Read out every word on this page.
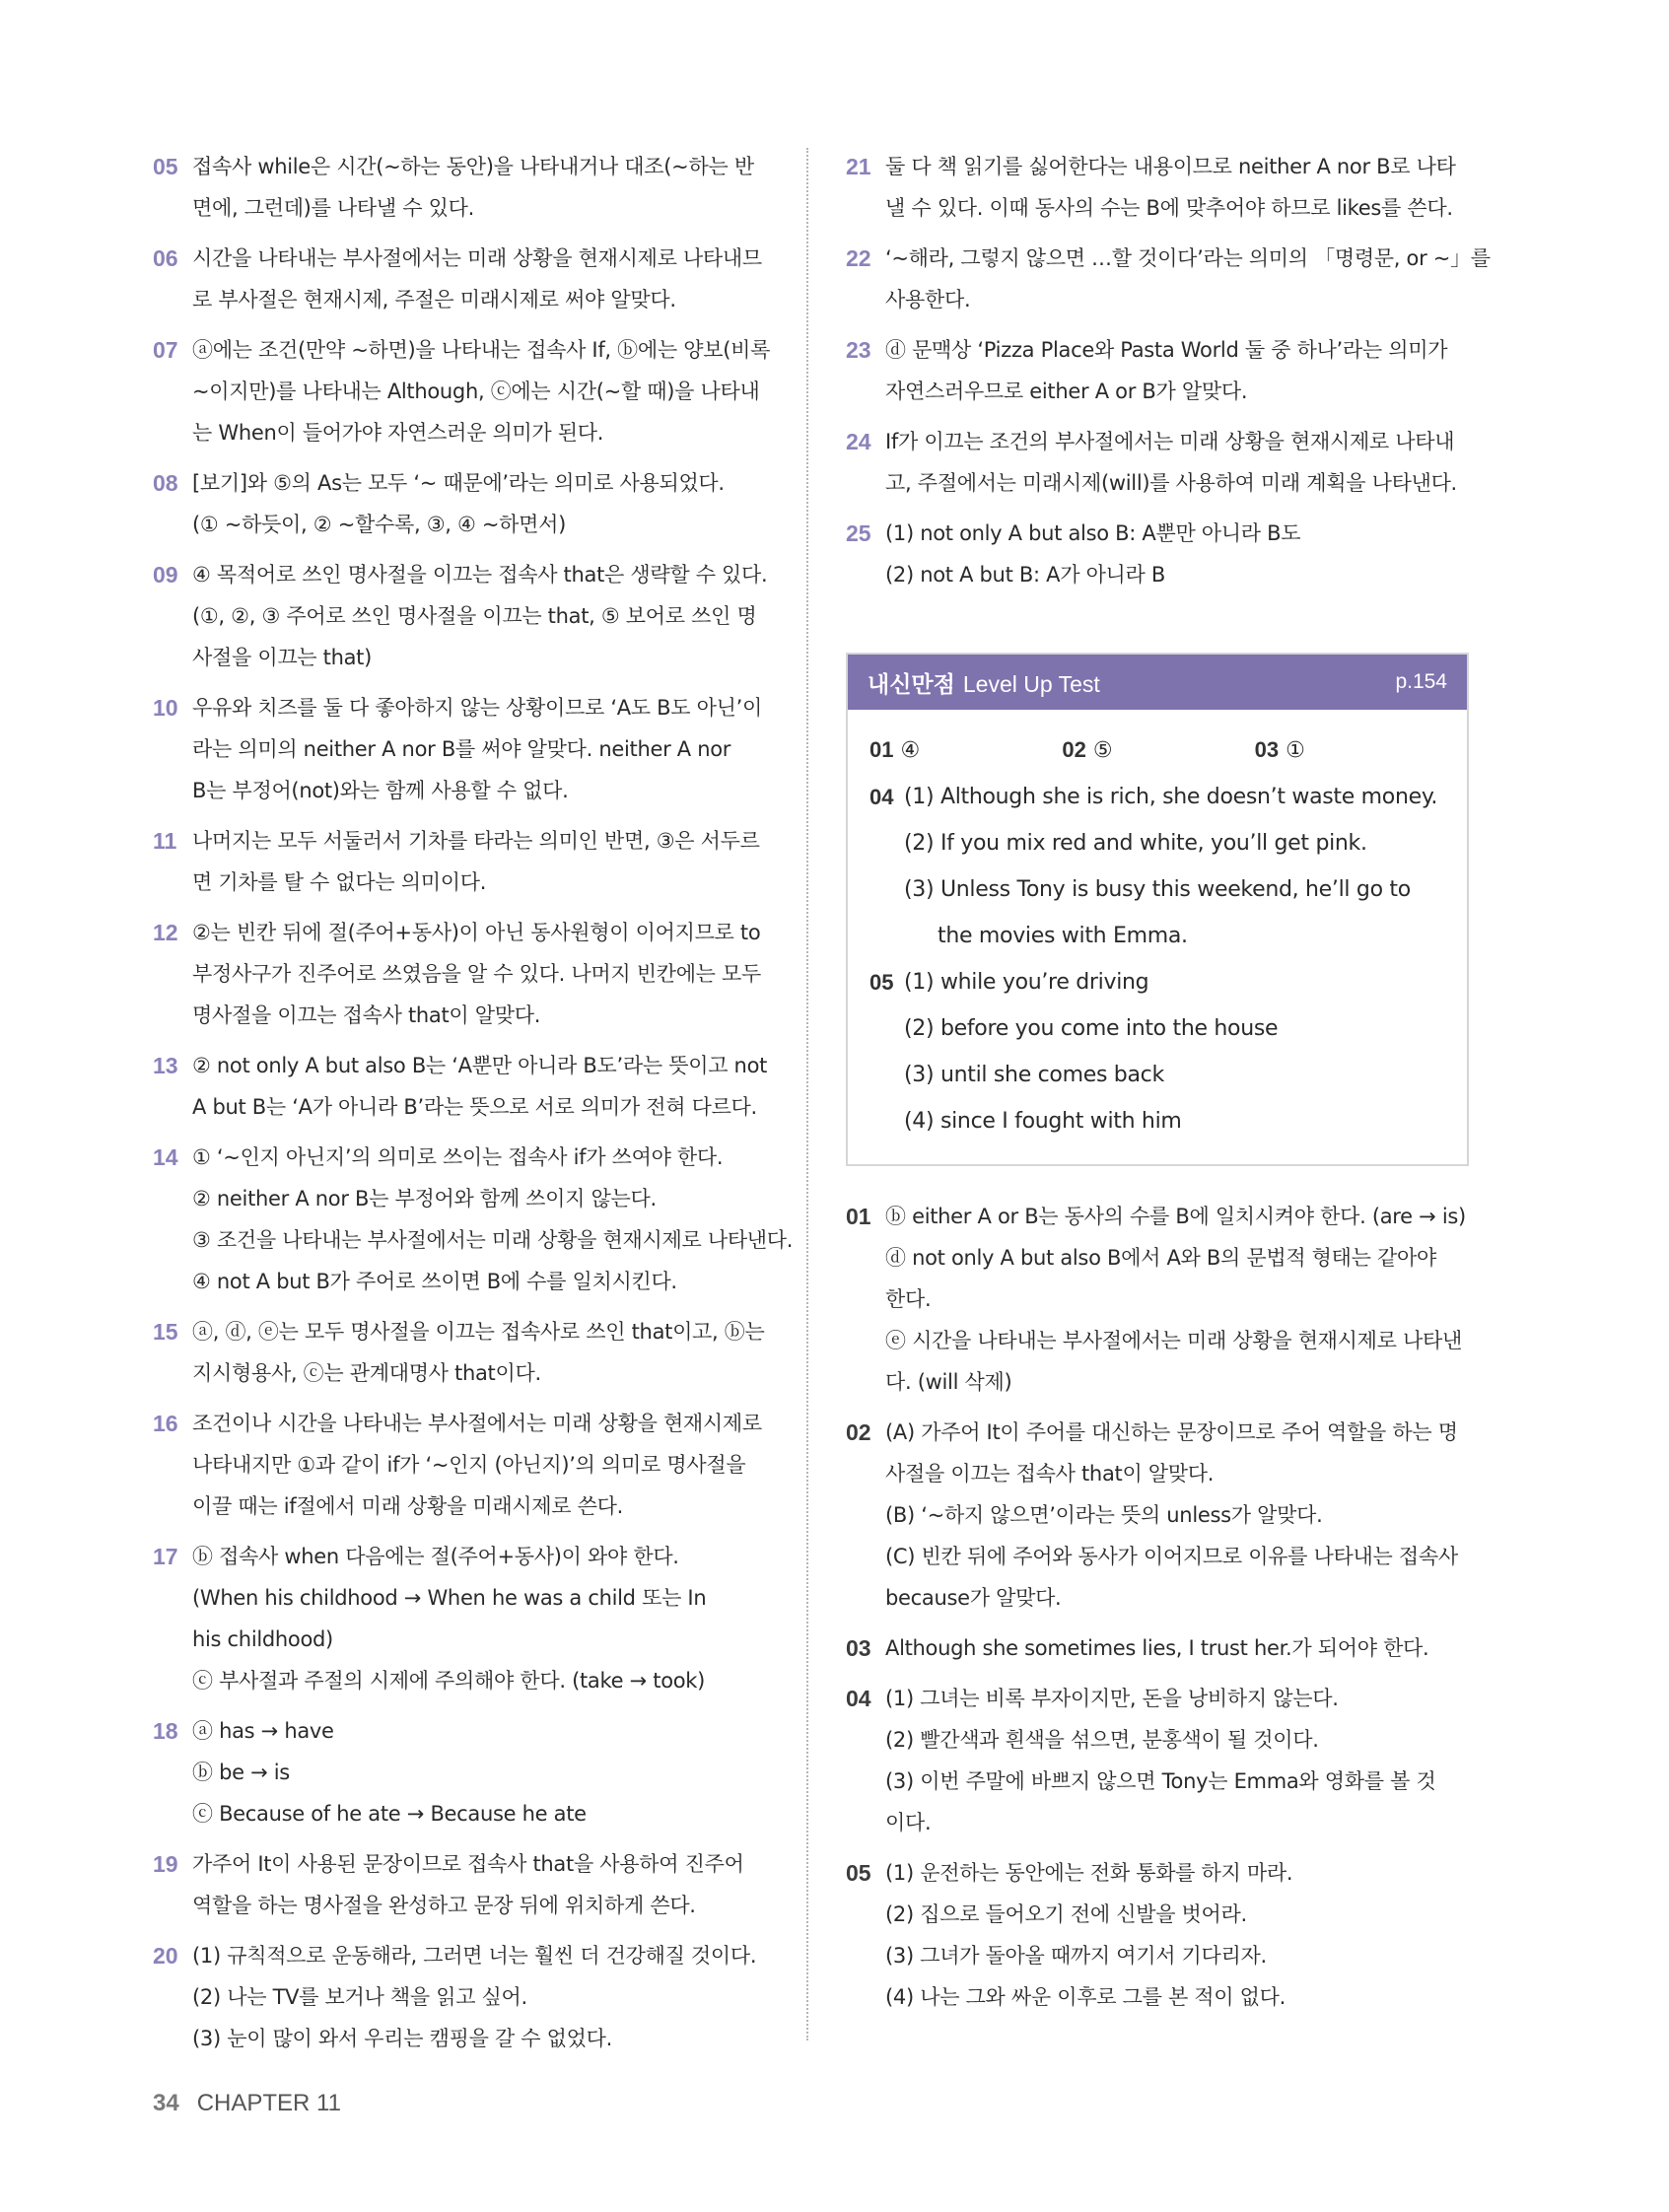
05 접속사 while은 시간(~하는 동안)을 나타내거나 대조(~하는 반
면에, 그런데)를 나타낼 수 있다.
06 시간을 나타내는 부사절에서는 미래 상황을 현재시제로 나타내므
로 부사절은 현재시제, 주절은 미래시제로 써야 알맞다.
07 ⓐ에는 조건(만약 ~하면)을 나타내는 접속사 If, ⓑ에는 양보(비록
~이지만)를 나타내는 Although, ⓒ에는 시간(~할 때)을 나타내
는 When이 들어가야 자연스러운 의미가 된다.
08 [보기]와 ⑤의 As는 모두 ‘~ 때문에’라는 의미로 사용되었다.
(① ~하듯이, ② ~할수록, ③, ④ ~하면서)
09 ④ 목적어로 쓰인 명사절을 이끄는 접속사 that은 생략할 수 있다.
(①, ②, ③ 주어로 쓰인 명사절을 이끄는 that, ⑤ 보어로 쓰인 명
사절을 이끄는 that)
10 우유와 치즈를 둘 다 좋아하지 않는 상황이므로 ‘A도 B도 아닌’이
라는 의미의 neither A nor B를 써야 알맞다. neither A nor
B는 부정어(not)와는 함께 사용할 수 없다.
11 나머지는 모두 서둘러서 기차를 타라는 의미인 반면, ③은 서두르
면 기차를 탈 수 없다는 의미이다.
12 ②는 빈칸 뒤에 절(주어+동사)이 아닌 동사원형이 이어지므로 to
부정사구가 진주어로 쓰였음을 알 수 있다. 나머지 빈칸에는 모두
명사절을 이끄는 접속사 that이 알맞다.
13 ② not only A but also B는 ‘A뿐만 아니라 B도’라는 뜻이고 not
A but B는 ‘A가 아니라 B’라는 뜻으로 서로 의미가 전혀 다르다.
14 ① ‘~인지 아닌지’의 의미로 쓰이는 접속사 if가 쓰여야 한다.
② neither A nor B는 부정어와 함께 쓰이지 않는다.
③ 조건을 나타내는 부사절에서는 미래 상황을 현재시제로 나타낸다.
④ not A but B가 주어로 쓰이면 B에 수를 일치시킨다.
15 ⓐ, ⓓ, ⓔ는 모두 명사절을 이끄는 접속사로 쓰인 that이고, ⓑ는
지시형용사, ⓒ는 관계대명사 that이다.
16 조건이나 시간을 나타내는 부사절에서는 미래 상황을 현재시제로
나타내지만 ①과 같이 if가 ‘~인지 (아닌지)’의 의미로 명사절을
이끌 때는 if절에서 미래 상황을 미래시제로 쓴다.
17 ⓑ 접속사 when 다음에는 절(주어+동사)이 와야 한다.
(When his childhood → When he was a child 또는 In
his childhood)
ⓒ 부사절과 주절의 시제에 주의해야 한다. (take → took)
18 ⓐ has → have
ⓑ be → is
ⓒ Because of he ate → Because he ate
19 가주어 It이 사용된 문장이므로 접속사 that을 사용하여 진주어
역할을 하는 명사절을 완성하고 문장 뒤에 위치하게 쓴다.
20 (1) 규칙적으로 운동해라, 그러면 너는 훨씬 더 건강해질 것이다.
(2) 나는 TV를 보거나 책을 읽고 싶어.
(3) 눈이 많이 와서 우리는 캠핑을 갈 수 없었다.
21 둘 다 책 읽기를 싫어한다는 내용이므로 neither A nor B로 나타
낼 수 있다. 이때 동사의 수는 B에 맞추어야 하므로 likes를 쓴다.
22 ‘~해라, 그렇지 않으면 …할 것이다’라는 의미의 「명령문, or ~」를
사용한다.
23 ⓓ 문맥상 ‘Pizza Place와 Pasta World 둘 중 하나’라는 의미가
자연스러우므로 either A or B가 알맞다.
24 If가 이끄는 조건의 부사절에서는 미래 상황을 현재시제로 나타내
고, 주절에서는 미래시제(will)를 사용하여 미래 계획을 나타낸다.
25 (1) not only A but also B: A뿐만 아니라 B도
(2) not A but B: A가 아니라 B
내신만점 Level Up Test	p.154
01 ④	02 ⑤	03 ①
04 (1) Although she is rich, she doesn’t waste money.
(2) If you mix red and white, you’ll get pink.
(3) Unless Tony is busy this weekend, he’ll go to
the movies with Emma.
05 (1) while you’re driving
(2) before you come into the house
(3) until she comes back
(4) since I fought with him
01 ⓑ either A or B는 동사의 수를 B에 일치시켜야 한다. (are → is)
ⓓ not only A but also B에서 A와 B의 문법적 형태는 같아야
한다.
ⓔ 시간을 나타내는 부사절에서는 미래 상황을 현재시제로 나타낸
다. (will 삭제)
02 (A) 가주어 It이 주어를 대신하는 문장이므로 주어 역할을 하는 명
사절을 이끄는 접속사 that이 알맞다.
(B) ‘~하지 않으면’이라는 뜻의 unless가 알맞다.
(C) 빈칸 뒤에 주어와 동사가 이어지므로 이유를 나타내는 접속사
because가 알맞다.
03 Although she sometimes lies, I trust her.가 되어야 한다.
04 (1) 그녀는 비록 부자이지만, 돈을 낭비하지 않는다.
(2) 빨간색과 흰색을 섞으면, 분홍색이 될 것이다.
(3) 이번 주말에 바쁘지 않으면 Tony는 Emma와 영화를 볼 것
이다.
05 (1) 운전하는 동안에는 전화 통화를 하지 마라.
(2) 집으로 들어오기 전에 신발을 벗어라.
(3) 그녀가 돌아올 때까지 여기서 기다리자.
(4) 나는 그와 싸운 이후로 그를 본 적이 없다.
34 CHAPTER 11
